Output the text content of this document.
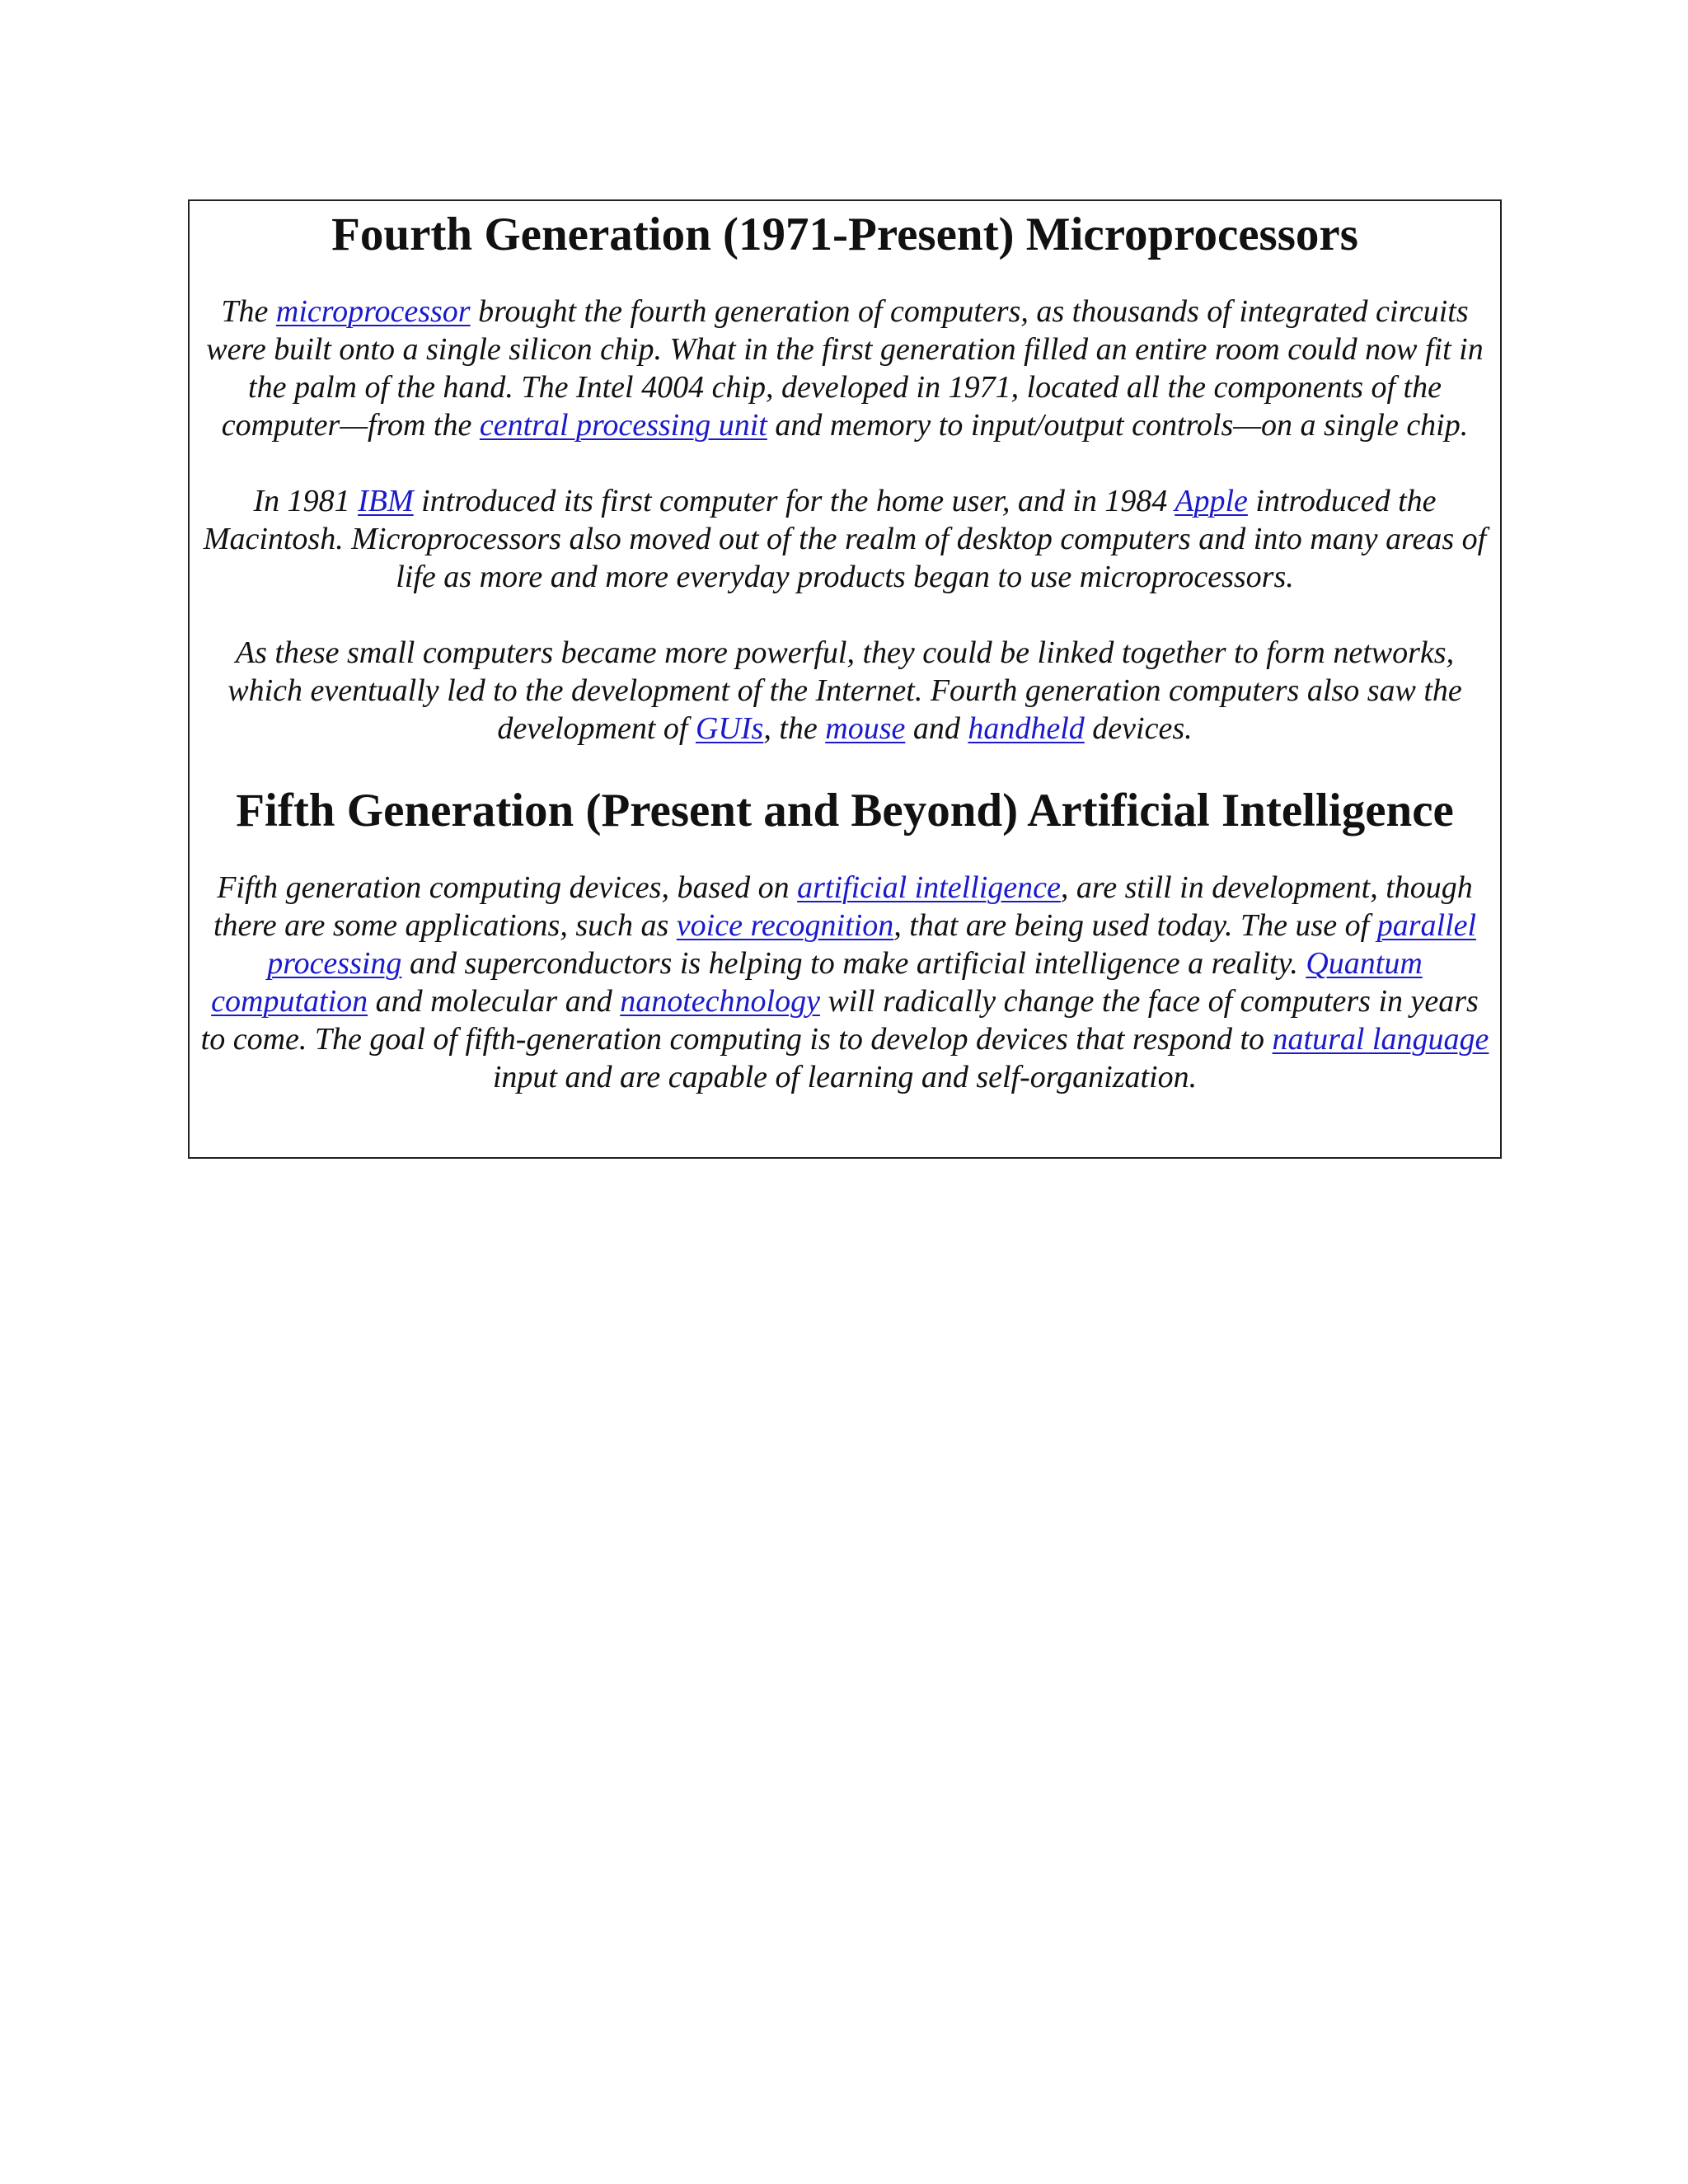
Fourth Generation (1971-Present) Microprocessors

The microprocessor brought the fourth generation of computers, as thousands of integrated circuits were built onto a single silicon chip. What in the first generation filled an entire room could now fit in the palm of the hand. The Intel 4004 chip, developed in 1971, located all the components of the computer—from the central processing unit and memory to input/output controls—on a single chip.

In 1981 IBM introduced its first computer for the home user, and in 1984 Apple introduced the Macintosh. Microprocessors also moved out of the realm of desktop computers and into many areas of life as more and more everyday products began to use microprocessors.

As these small computers became more powerful, they could be linked together to form networks, which eventually led to the development of the Internet. Fourth generation computers also saw the development of GUIs, the mouse and handheld devices.

Fifth Generation (Present and Beyond) Artificial Intelligence

Fifth generation computing devices, based on artificial intelligence, are still in development, though there are some applications, such as voice recognition, that are being used today. The use of parallel processing and superconductors is helping to make artificial intelligence a reality. Quantum computation and molecular and nanotechnology will radically change the face of computers in years to come. The goal of fifth-generation computing is to develop devices that respond to natural language input and are capable of learning and self-organization.
